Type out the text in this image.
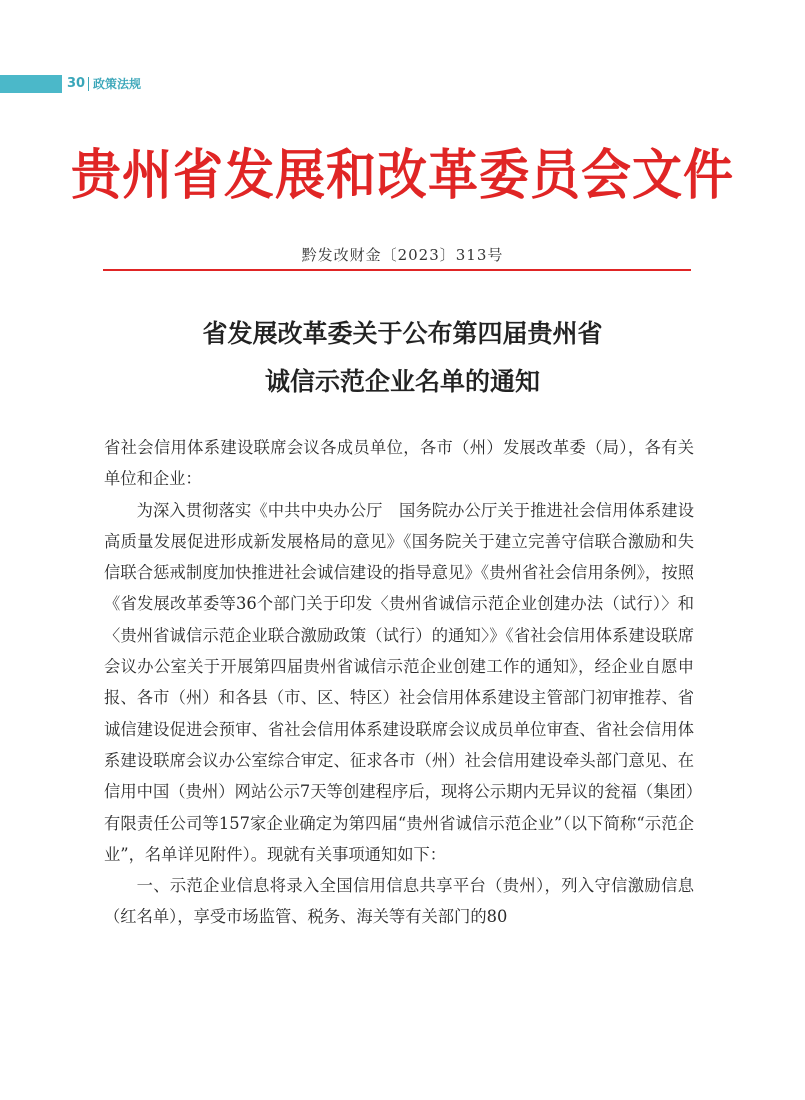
30 政策法规
贵州省发展和改革委员会文件
黔发改财金〔2023〕313号
省发展改革委关于公布第四届贵州省
诚信示范企业名单的通知

省社会信用体系建设联席会议各成员单位，各市（州）发展改革委（局），各有关单位和企业：

为深入贯彻落实《中共中央办公厅　国务院办公厅关于推进社会信用体系建设高质量发展促进形成新发展格局的意见》《国务院关于建立完善守信联合激励和失信联合惩戒制度加快推进社会诚信建设的指导意见》《贵州省社会信用条例》，按照《省发展改革委等36个部门关于印发〈贵州省诚信示范企业创建办法（试行）〉和〈贵州省诚信示范企业联合激励政策（试行）的通知〉》《省社会信用体系建设联席会议办公室关于开展第四届贵州省诚信示范企业创建工作的通知》，经企业自愿申报、各市（州）和各县（市、区、特区）社会信用体系建设主管部门初审推荐、省诚信建设促进会预审、省社会信用体系建设联席会议成员单位审查、省社会信用体系建设联席会议办公室综合审定、征求各市（州）社会信用建设牵头部门意见、在信用中国（贵州）网站公示7天等创建程序后，现将公示期内无异议的瓮福（集团）有限责任公司等157家企业确定为第四届“贵州省诚信示范企业”（以下简称“示范企业”，名单详见附件）。现就有关事项通知如下：

一、示范企业信息将录入全国信用信息共享平台（贵州），列入守信激励信息（红名单），享受市场监管、税务、海关等有关部门的80
